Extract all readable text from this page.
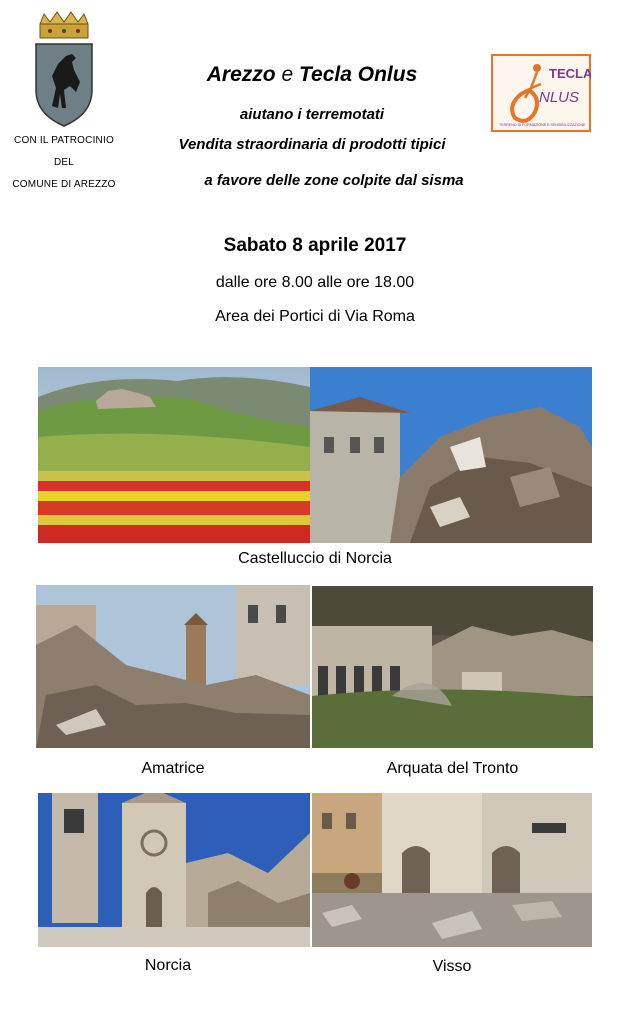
CON IL PATROCINIO
DEL
COMUNE DI AREZZO
TECLA
NLUS
TERRENO DI FORMAZIONE E SENSIBILIZZAZIONE
Arezzo e Tecla Onlus
aiutano i terremotati
Vendita straordinaria di prodotti tipici
a favore delle zone colpite dal sisma
Sabato 8 aprile 2017
dalle ore 8.00 alle ore 18.00
Area dei Portici di Via Roma
Castelluccio di Norcia
Amatrice	Arquata del Tronto
Norcia	Visso
